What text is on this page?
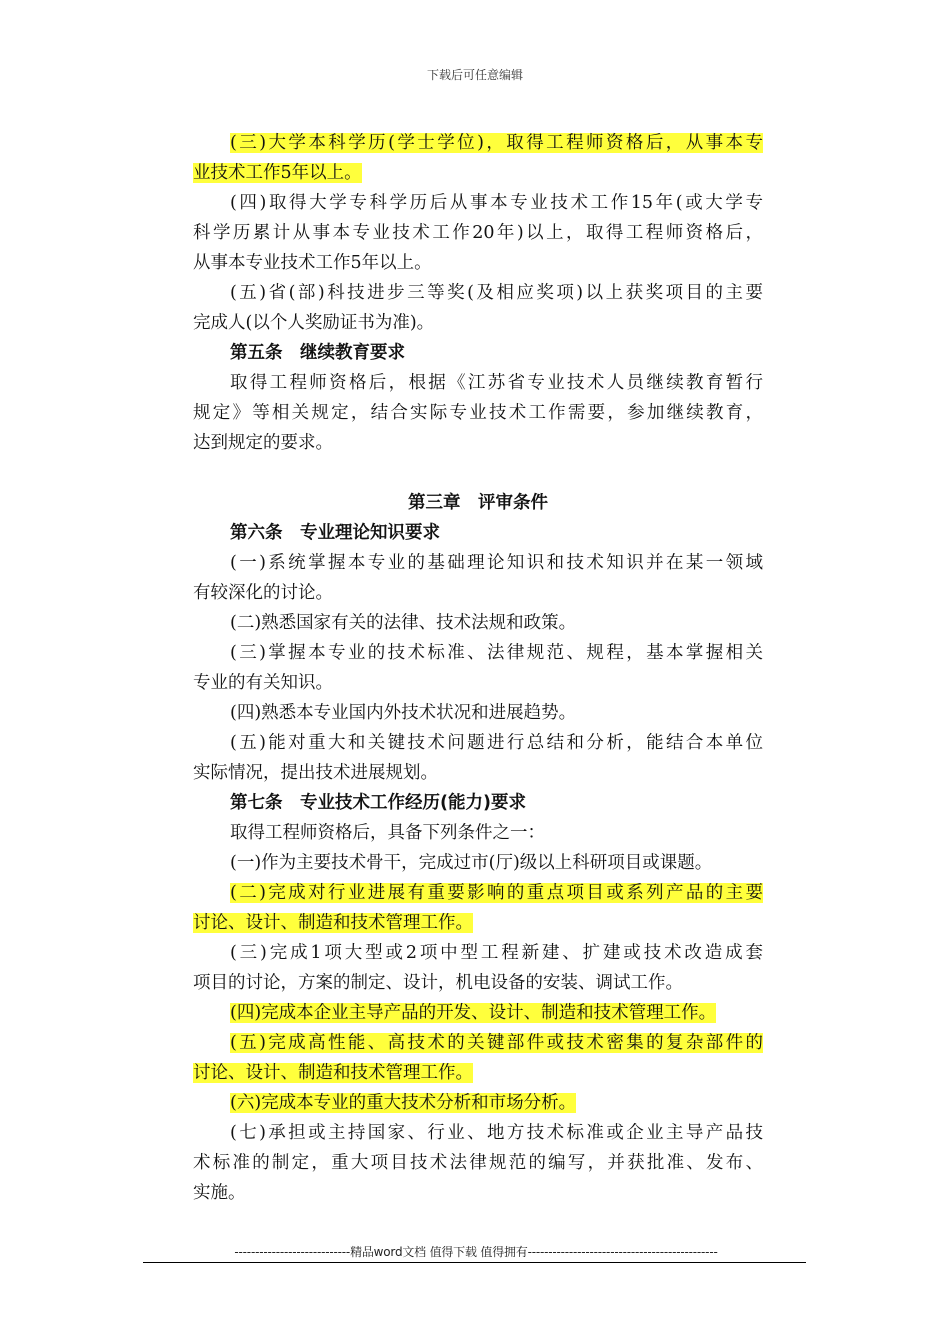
下载后可任意编辑
(三)大学本科学历(学士学位)，取得工程师资格后，从事本专
业技术工作5年以上。
(四)取得大学专科学历后从事本专业技术工作15年(或大学专
科学历累计从事本专业技术工作20年)以上，取得工程师资格后，
从事本专业技术工作5年以上。
(五)省(部)科技进步三等奖(及相应奖项)以上获奖项目的主要
完成人(以个人奖励证书为准)。
第五条　继续教育要求
取得工程师资格后，根据《江苏省专业技术人员继续教育暂行
规定》等相关规定，结合实际专业技术工作需要，参加继续教育，
达到规定的要求。
第三章　评审条件
第六条　专业理论知识要求
(一)系统掌握本专业的基础理论知识和技术知识并在某一领域
有较深化的讨论。
(二)熟悉国家有关的法律、技术法规和政策。
(三)掌握本专业的技术标准、法律规范、规程，基本掌握相关
专业的有关知识。
(四)熟悉本专业国内外技术状况和进展趋势。
(五)能对重大和关键技术问题进行总结和分析，能结合本单位
实际情况，提出技术进展规划。
第七条　专业技术工作经历(能力)要求
取得工程师资格后，具备下列条件之一：
(一)作为主要技术骨干，完成过市(厅)级以上科研项目或课题。
(二)完成对行业进展有重要影响的重点项目或系列产品的主要
讨论、设计、制造和技术管理工作。
(三)完成1项大型或2项中型工程新建、扩建或技术改造成套
项目的讨论，方案的制定、设计，机电设备的安装、调试工作。
(四)完成本企业主导产品的开发、设计、制造和技术管理工作。
(五)完成高性能、高技术的关键部件或技术密集的复杂部件的
讨论、设计、制造和技术管理工作。
(六)完成本专业的重大技术分析和市场分析。
(七)承担或主持国家、行业、地方技术标准或企业主导产品技
术标准的制定，重大项目技术法律规范的编写，并获批准、发布、
实施。
----------------------------精品word文档 值得下载 值得拥有----------------------------------------------
